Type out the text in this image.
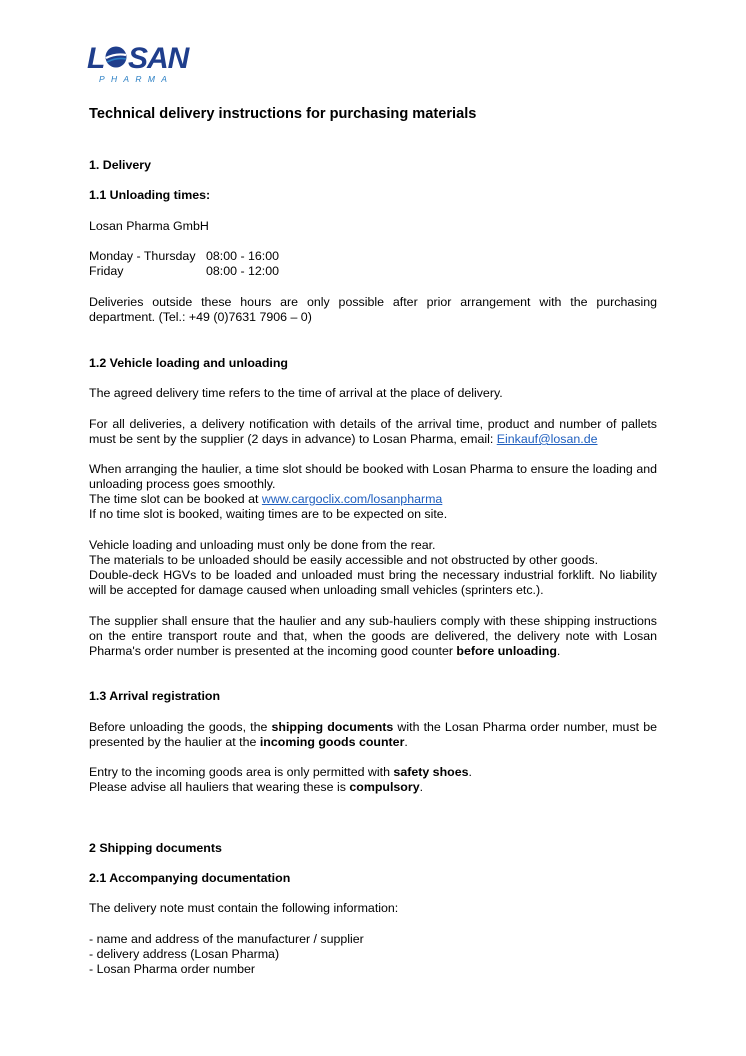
L SAN
PHARMA

Technical delivery instructions for purchasing materials

1. Delivery

1.1 Unloading times:

Losan Pharma GmbH

Monday - Thursday 08:00 - 16:00
Friday	08:00 - 12:00

Deliveries outside these hours are only possible after prior arrangement with the purchasing department. (Tel.: +49 (0)7631 7906 – 0)

1.2 Vehicle loading and unloading

The agreed delivery time refers to the time of arrival at the place of delivery.

For all deliveries, a delivery notification with details of the arrival time, product and number of pallets must be sent by the supplier (2 days in advance) to Losan Pharma, email: Einkauf@losan.de

When arranging the haulier, a time slot should be booked with Losan Pharma to ensure the loading and unloading process goes smoothly.
The time slot can be booked at www.cargoclix.com/losanpharma
If no time slot is booked, waiting times are to be expected on site.
Vehicle loading and unloading must only be done from the rear.
The materials to be unloaded should be easily accessible and not obstructed by other goods.
Double-deck HGVs to be loaded and unloaded must bring the necessary industrial forklift. No liability will be accepted for damage caused when unloading small vehicles (sprinters etc.).

The supplier shall ensure that the haulier and any sub-hauliers comply with these shipping instructions on the entire transport route and that, when the goods are delivered, the delivery note with Losan Pharma's order number is presented at the incoming good counter before unloading.

1.3 Arrival registration

Before unloading the goods, the shipping documents with the Losan Pharma order number, must be presented by the haulier at the incoming goods counter.

Entry to the incoming goods area is only permitted with safety shoes.
Please advise all hauliers that wearing these is compulsory.

2 Shipping documents

2.1 Accompanying documentation

The delivery note must contain the following information:

- name and address of the manufacturer / supplier
- delivery address (Losan Pharma)
- Losan Pharma order number
